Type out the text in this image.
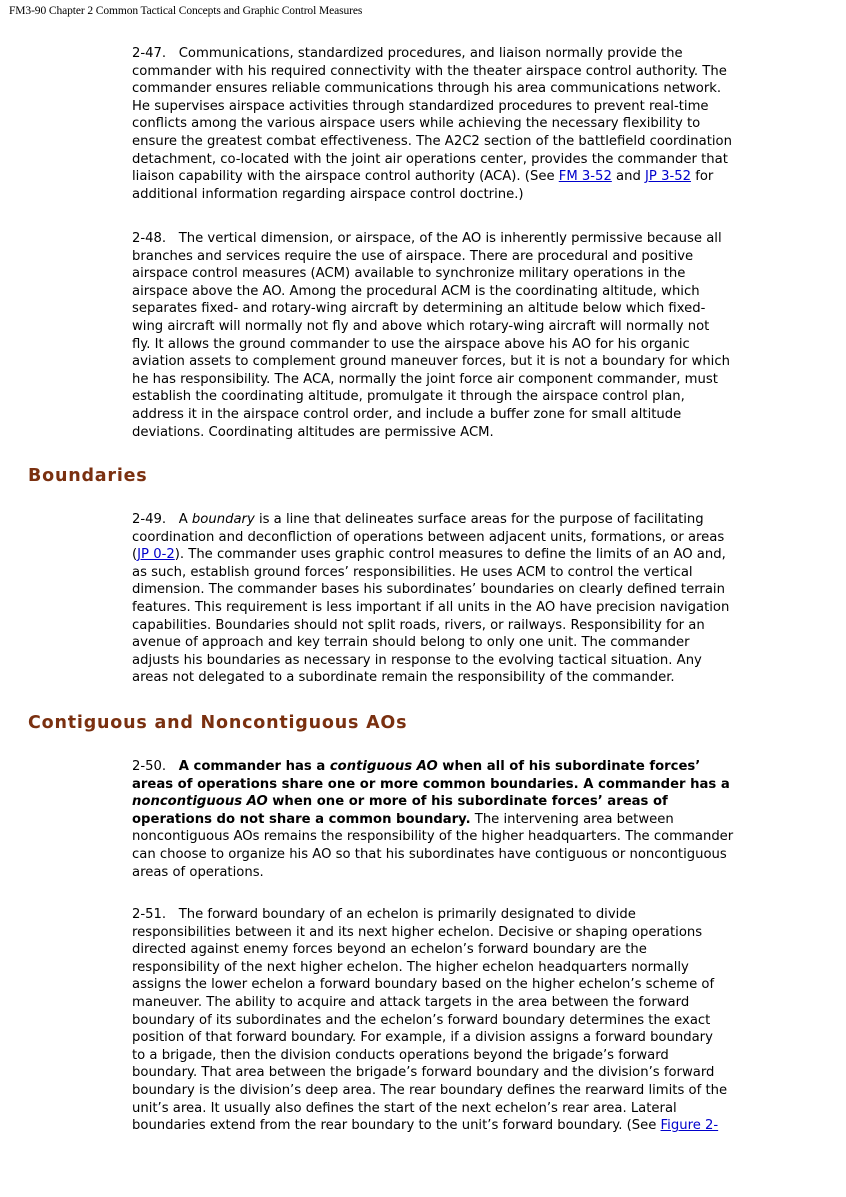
FM3-90 Chapter 2 Common Tactical Concepts and Graphic Control Measures
2-47. Communications, standardized procedures, and liaison normally provide the
commander with his required connectivity with the theater airspace control authority. The
commander ensures reliable communications through his area communications network.
He supervises airspace activities through standardized procedures to prevent real-time
conflicts among the various airspace users while achieving the necessary flexibility to
ensure the greatest combat effectiveness. The A2C2 section of the battlefield coordination
detachment, co-located with the joint air operations center, provides the commander that
liaison capability with the airspace control authority (ACA). (See FM 3-52 and JP 3-52 for
additional information regarding airspace control doctrine.)
2-48. The vertical dimension, or airspace, of the AO is inherently permissive because all
branches and services require the use of airspace. There are procedural and positive
airspace control measures (ACM) available to synchronize military operations in the
airspace above the AO. Among the procedural ACM is the coordinating altitude, which
separates fixed- and rotary-wing aircraft by determining an altitude below which fixed-
wing aircraft will normally not fly and above which rotary-wing aircraft will normally not
fly. It allows the ground commander to use the airspace above his AO for his organic
aviation assets to complement ground maneuver forces, but it is not a boundary for which
he has responsibility. The ACA, normally the joint force air component commander, must
establish the coordinating altitude, promulgate it through the airspace control plan,
address it in the airspace control order, and include a buffer zone for small altitude
deviations. Coordinating altitudes are permissive ACM.
Boundaries
2-49. A boundary is a line that delineates surface areas for the purpose of facilitating
coordination and deconfliction of operations between adjacent units, formations, or areas
(JP 0-2). The commander uses graphic control measures to define the limits of an AO and,
as such, establish ground forces’ responsibilities. He uses ACM to control the vertical
dimension. The commander bases his subordinates’ boundaries on clearly defined terrain
features. This requirement is less important if all units in the AO have precision navigation
capabilities. Boundaries should not split roads, rivers, or railways. Responsibility for an
avenue of approach and key terrain should belong to only one unit. The commander
adjusts his boundaries as necessary in response to the evolving tactical situation. Any
areas not delegated to a subordinate remain the responsibility of the commander.
Contiguous and Noncontiguous AOs
2-50. A commander has a contiguous AO when all of his subordinate forces’
areas of operations share one or more common boundaries. A commander has a
noncontiguous AO when one or more of his subordinate forces’ areas of
operations do not share a common boundary. The intervening area between
noncontiguous AOs remains the responsibility of the higher headquarters. The commander
can choose to organize his AO so that his subordinates have contiguous or noncontiguous
areas of operations.
2-51. The forward boundary of an echelon is primarily designated to divide
responsibilities between it and its next higher echelon. Decisive or shaping operations
directed against enemy forces beyond an echelon’s forward boundary are the
responsibility of the next higher echelon. The higher echelon headquarters normally
assigns the lower echelon a forward boundary based on the higher echelon’s scheme of
maneuver. The ability to acquire and attack targets in the area between the forward
boundary of its subordinates and the echelon’s forward boundary determines the exact
position of that forward boundary. For example, if a division assigns a forward boundary
to a brigade, then the division conducts operations beyond the brigade’s forward
boundary. That area between the brigade’s forward boundary and the division’s forward
boundary is the division’s deep area. The rear boundary defines the rearward limits of the
unit’s area. It usually also defines the start of the next echelon’s rear area. Lateral
boundaries extend from the rear boundary to the unit’s forward boundary. (See Figure 2-
